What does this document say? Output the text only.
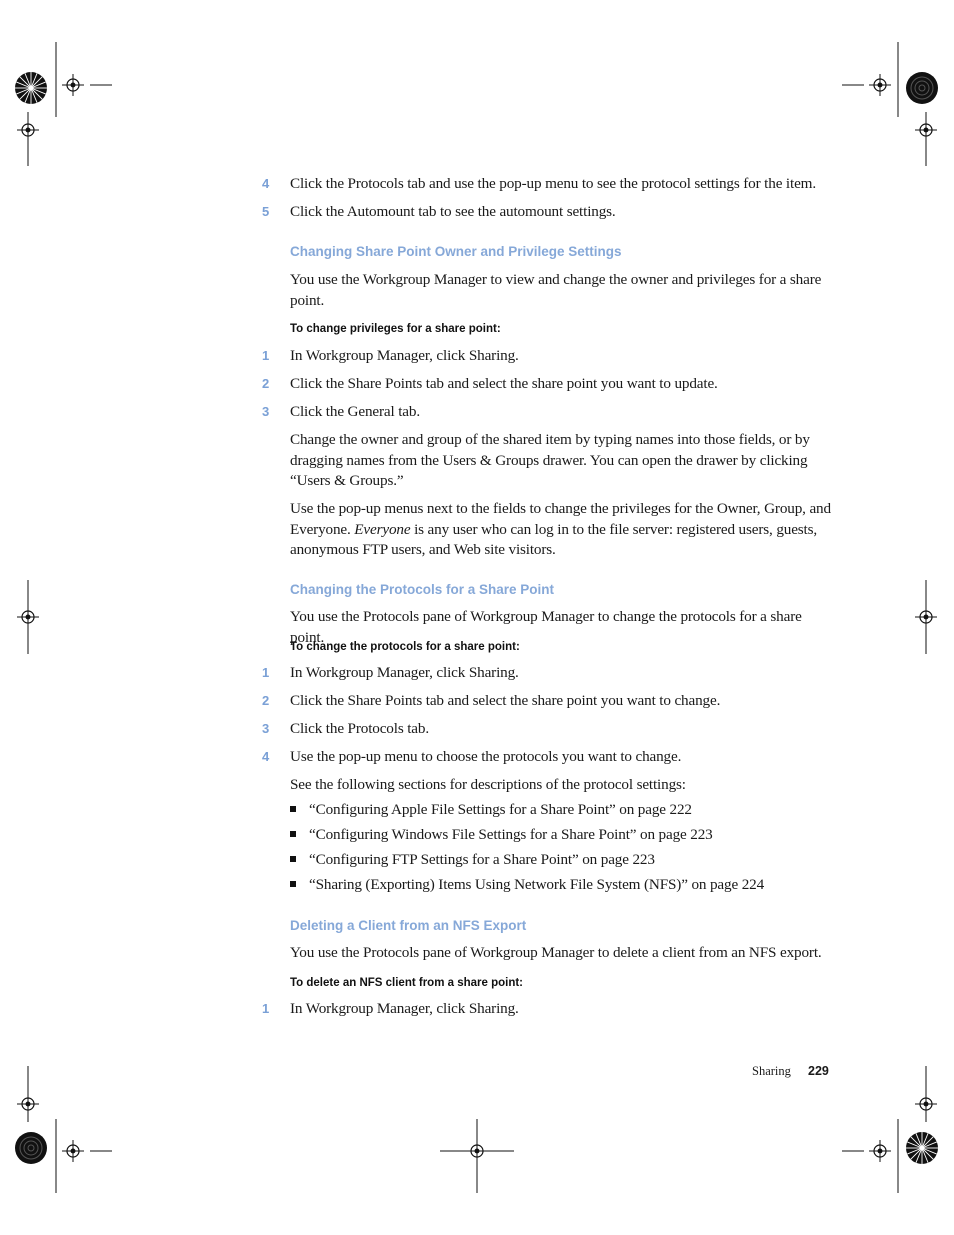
4	Click the Protocols tab and use the pop-up menu to see the protocol settings for the item.
5	Click the Automount tab to see the automount settings.
Changing Share Point Owner and Privilege Settings
You use the Workgroup Manager to view and change the owner and privileges for a share point.
To change privileges for a share point:
1	In Workgroup Manager, click Sharing.
2	Click the Share Points tab and select the share point you want to update.
3	Click the General tab.
Change the owner and group of the shared item by typing names into those fields, or by dragging names from the Users & Groups drawer. You can open the drawer by clicking “Users & Groups.”
Use the pop-up menus next to the fields to change the privileges for the Owner, Group, and Everyone. Everyone is any user who can log in to the file server: registered users, guests, anonymous FTP users, and Web site visitors.
Changing the Protocols for a Share Point
You use the Protocols pane of Workgroup Manager to change the protocols for a share point.
To change the protocols for a share point:
1	In Workgroup Manager, click Sharing.
2	Click the Share Points tab and select the share point you want to change.
3	Click the Protocols tab.
4	Use the pop-up menu to choose the protocols you want to change.
See the following sections for descriptions of the protocol settings:
“Configuring Apple File Settings for a Share Point” on page 222
“Configuring Windows File Settings for a Share Point” on page 223
“Configuring FTP Settings for a Share Point” on page 223
“Sharing (Exporting) Items Using Network File System (NFS)” on page 224
Deleting a Client from an NFS Export
You use the Protocols pane of Workgroup Manager to delete a client from an NFS export.
To delete an NFS client from a share point:
1	In Workgroup Manager, click Sharing.
Sharing 229
